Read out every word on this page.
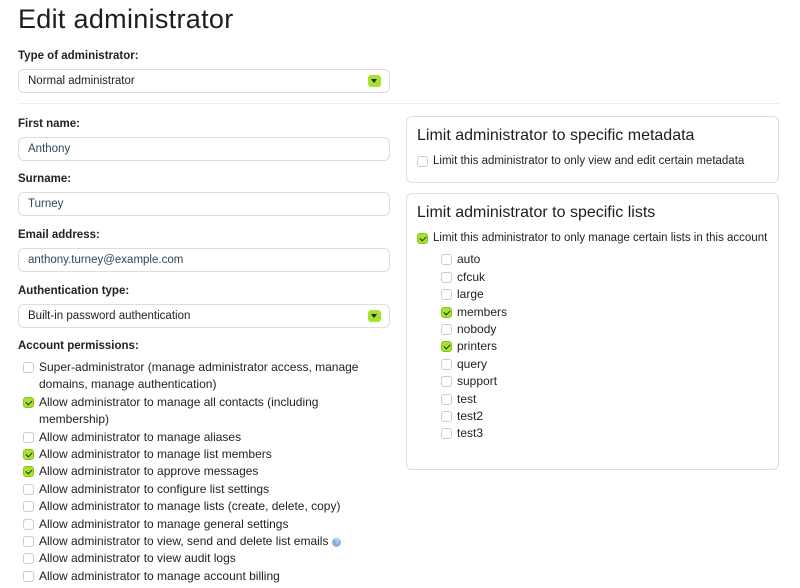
Edit administrator
Type of administrator:
Normal administrator
First name:
Anthony
Surname:
Turney
Email address:
anthony.turney@example.com
Authentication type:
Built-in password authentication
Account permissions:
Super-administrator (manage administrator access, manage domains, manage authentication)
Allow administrator to manage all contacts (including membership)
Allow administrator to manage aliases
Allow administrator to manage list members
Allow administrator to approve messages
Allow administrator to configure list settings
Allow administrator to manage lists (create, delete, copy)
Allow administrator to manage general settings
Allow administrator to view, send and delete list emails ?
Allow administrator to view audit logs
Allow administrator to manage account billing
Limit administrator to specific metadata
Limit this administrator to only view and edit certain metadata
Limit administrator to specific lists
Limit this administrator to only manage certain lists in this account
auto
cfcuk
large
members
nobody
printers
query
support
test
test2
test3
